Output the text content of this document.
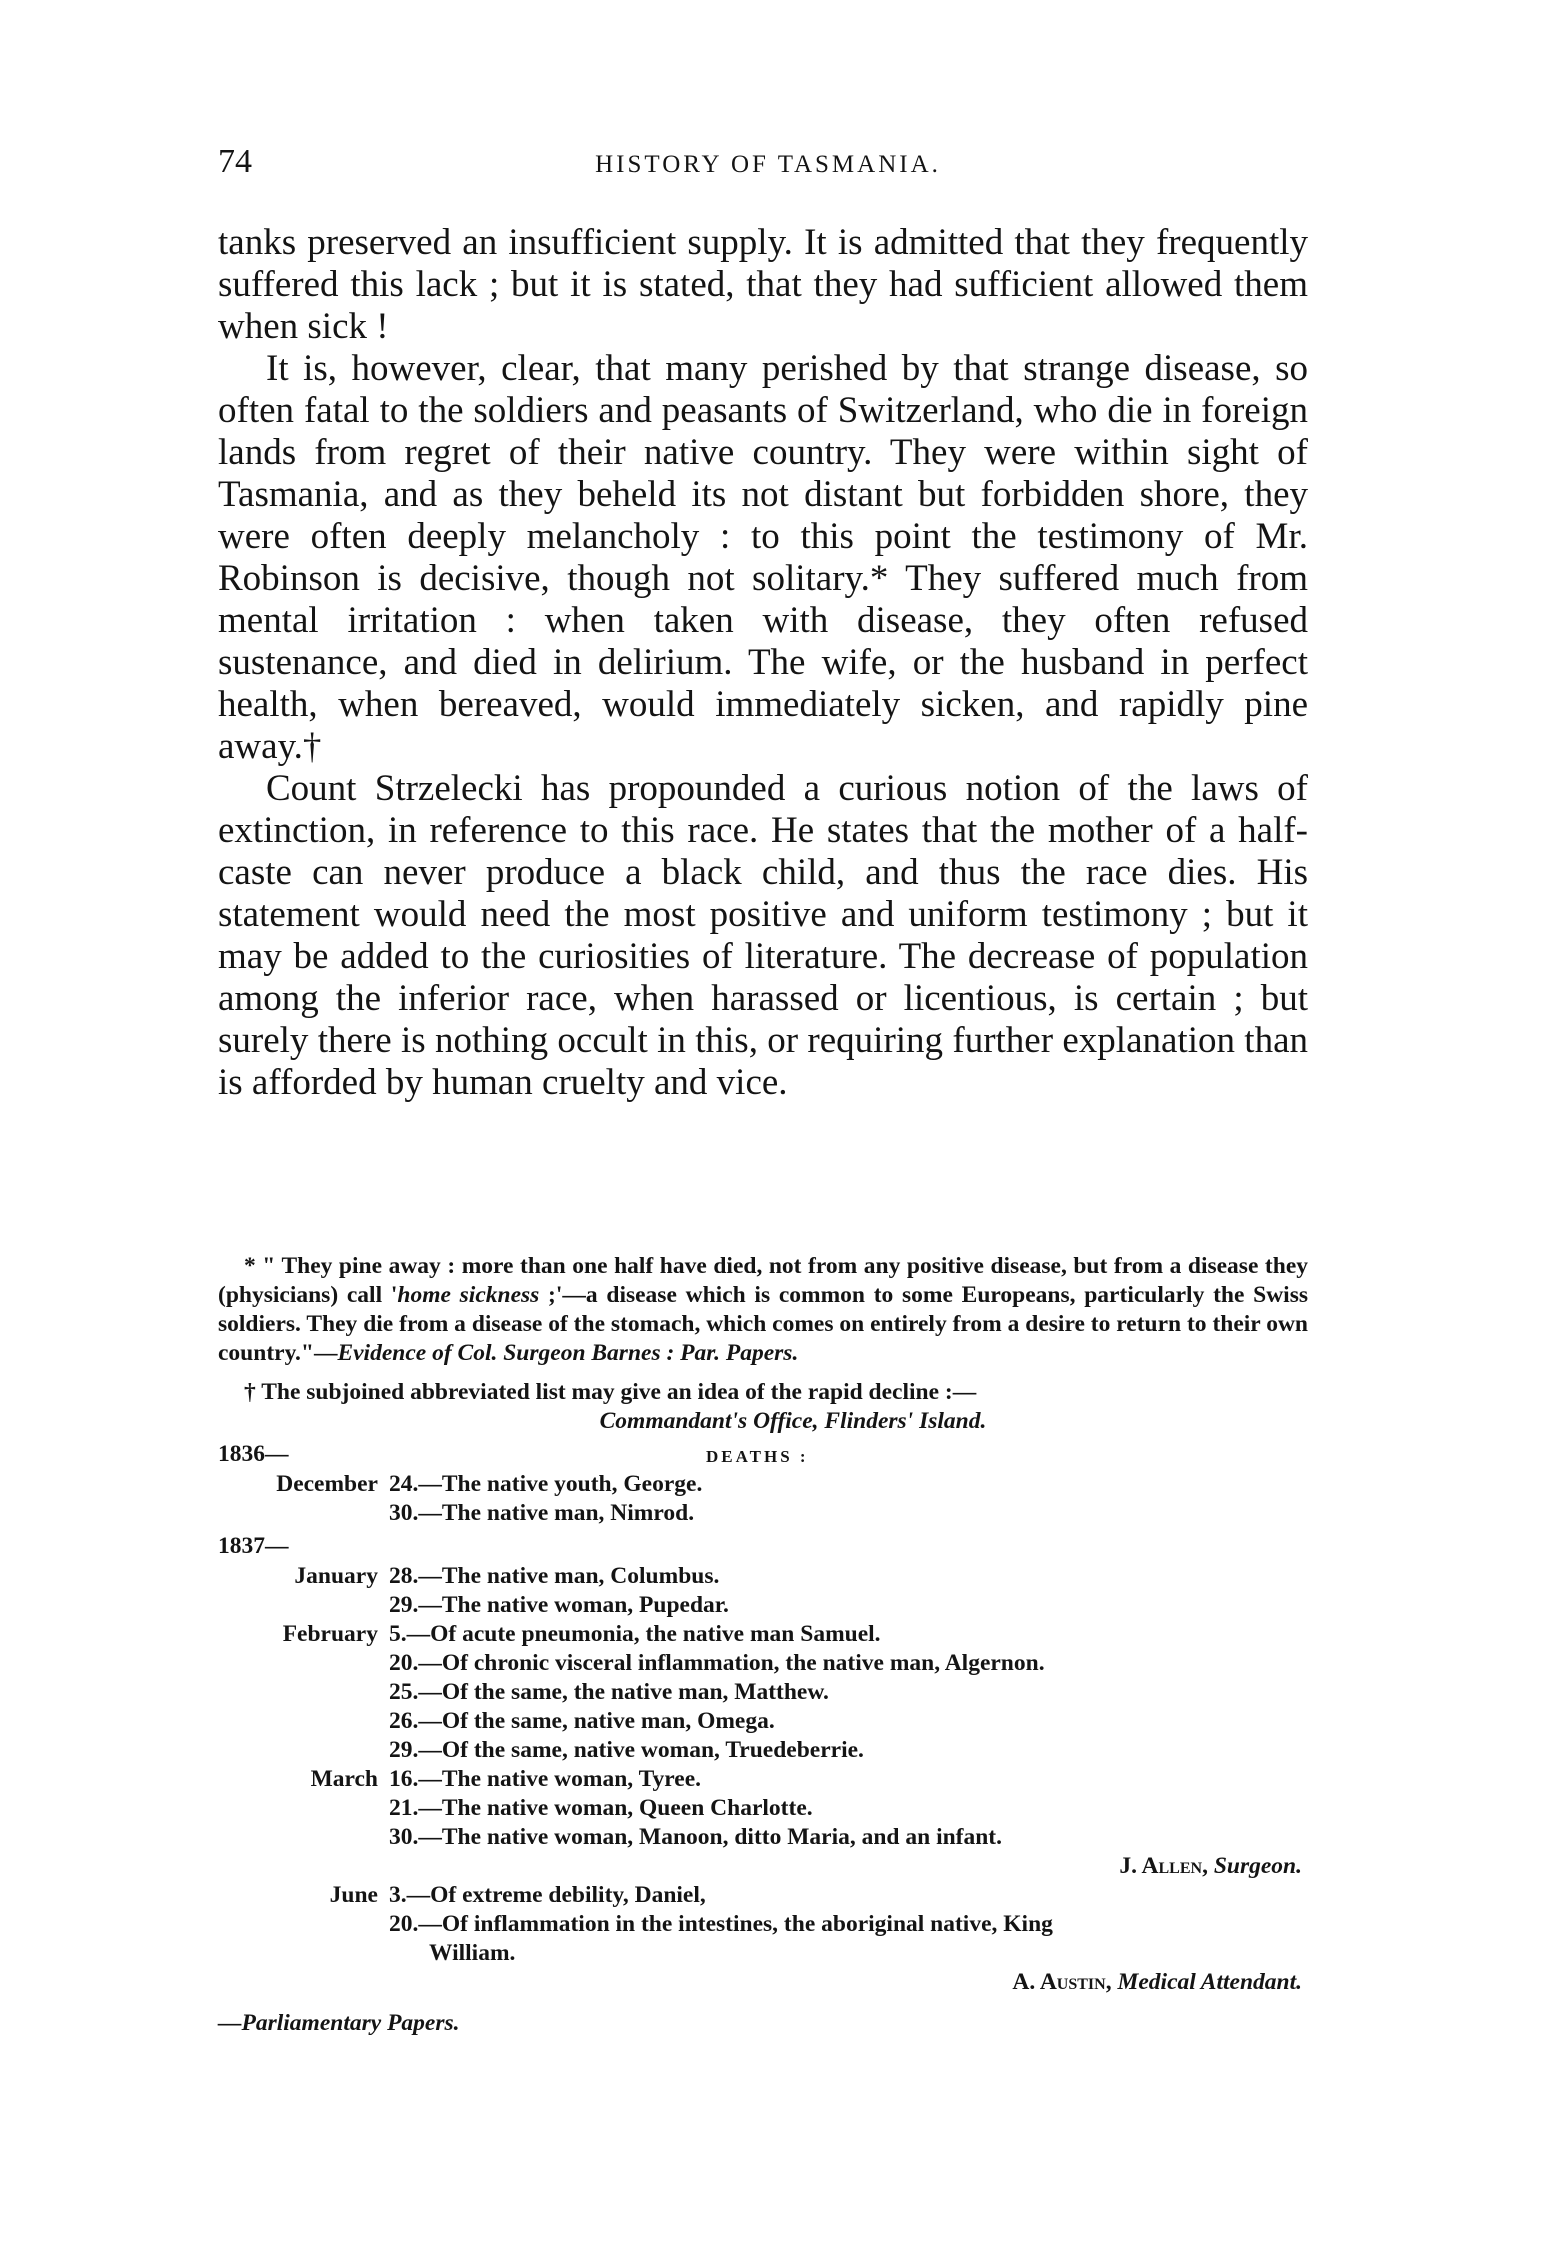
74	HISTORY OF TASMANIA.

tanks preserved an insufficient supply. It is admitted that they frequently suffered this lack ; but it is stated, that they had sufficient allowed them when sick !

It is, however, clear, that many perished by that strange disease, so often fatal to the soldiers and peasants of Switzerland, who die in foreign lands from regret of their native country. They were within sight of Tasmania, and as they beheld its not distant but forbidden shore, they were often deeply melancholy : to this point the testimony of Mr. Robinson is decisive, though not solitary.* They suffered much from mental irritation : when taken with disease, they often refused sustenance, and died in delirium. The wife, or the husband in perfect health, when bereaved, would immediately sicken, and rapidly pine away.†

Count Strzelecki has propounded a curious notion of the laws of extinction, in reference to this race. He states that the mother of a half-caste can never produce a black child, and thus the race dies. His statement would need the most positive and uniform testimony ; but it may be added to the curiosities of literature. The decrease of population among the inferior race, when harassed or licentious, is certain ; but surely there is nothing occult in this, or requiring further explanation than is afforded by human cruelty and vice.

* " They pine away : more than one half have died, not from any positive disease, but from a disease they (physicians) call 'home sickness ;'—a disease which is common to some Europeans, particularly the Swiss soldiers. They die from a disease of the stomach, which comes on entirely from a desire to return to their own country."—Evidence of Col. Surgeon Barnes : Par. Papers.

† The subjoined abbreviated list may give an idea of the rapid decline :—

Commandant's Office, Flinders' Island.
1836—	DEATHS :
December 24.—The native youth, George.
30.—The native man, Nimrod.
1837—
January 28.—The native man, Columbus.
29.—The native woman, Pupedar.
February 5.—Of acute pneumonia, the native man Samuel.
20.—Of chronic visceral inflammation, the native man, Algernon.
25.—Of the same, the native man, Matthew.
26.—Of the same, native man, Omega.
29.—Of the same, native woman, Truedeberrie.
March 16.—The native woman, Tyree.
21.—The native woman, Queen Charlotte.
30.—The native woman, Manoon, ditto Maria, and an infant.
J. Allen, Surgeon.
June 3.—Of extreme debility, Daniel,
20.—Of inflammation in the intestines, the aboriginal native, King
William.
A. Austin, Medical Attendant.
—Parliamentary Papers.
